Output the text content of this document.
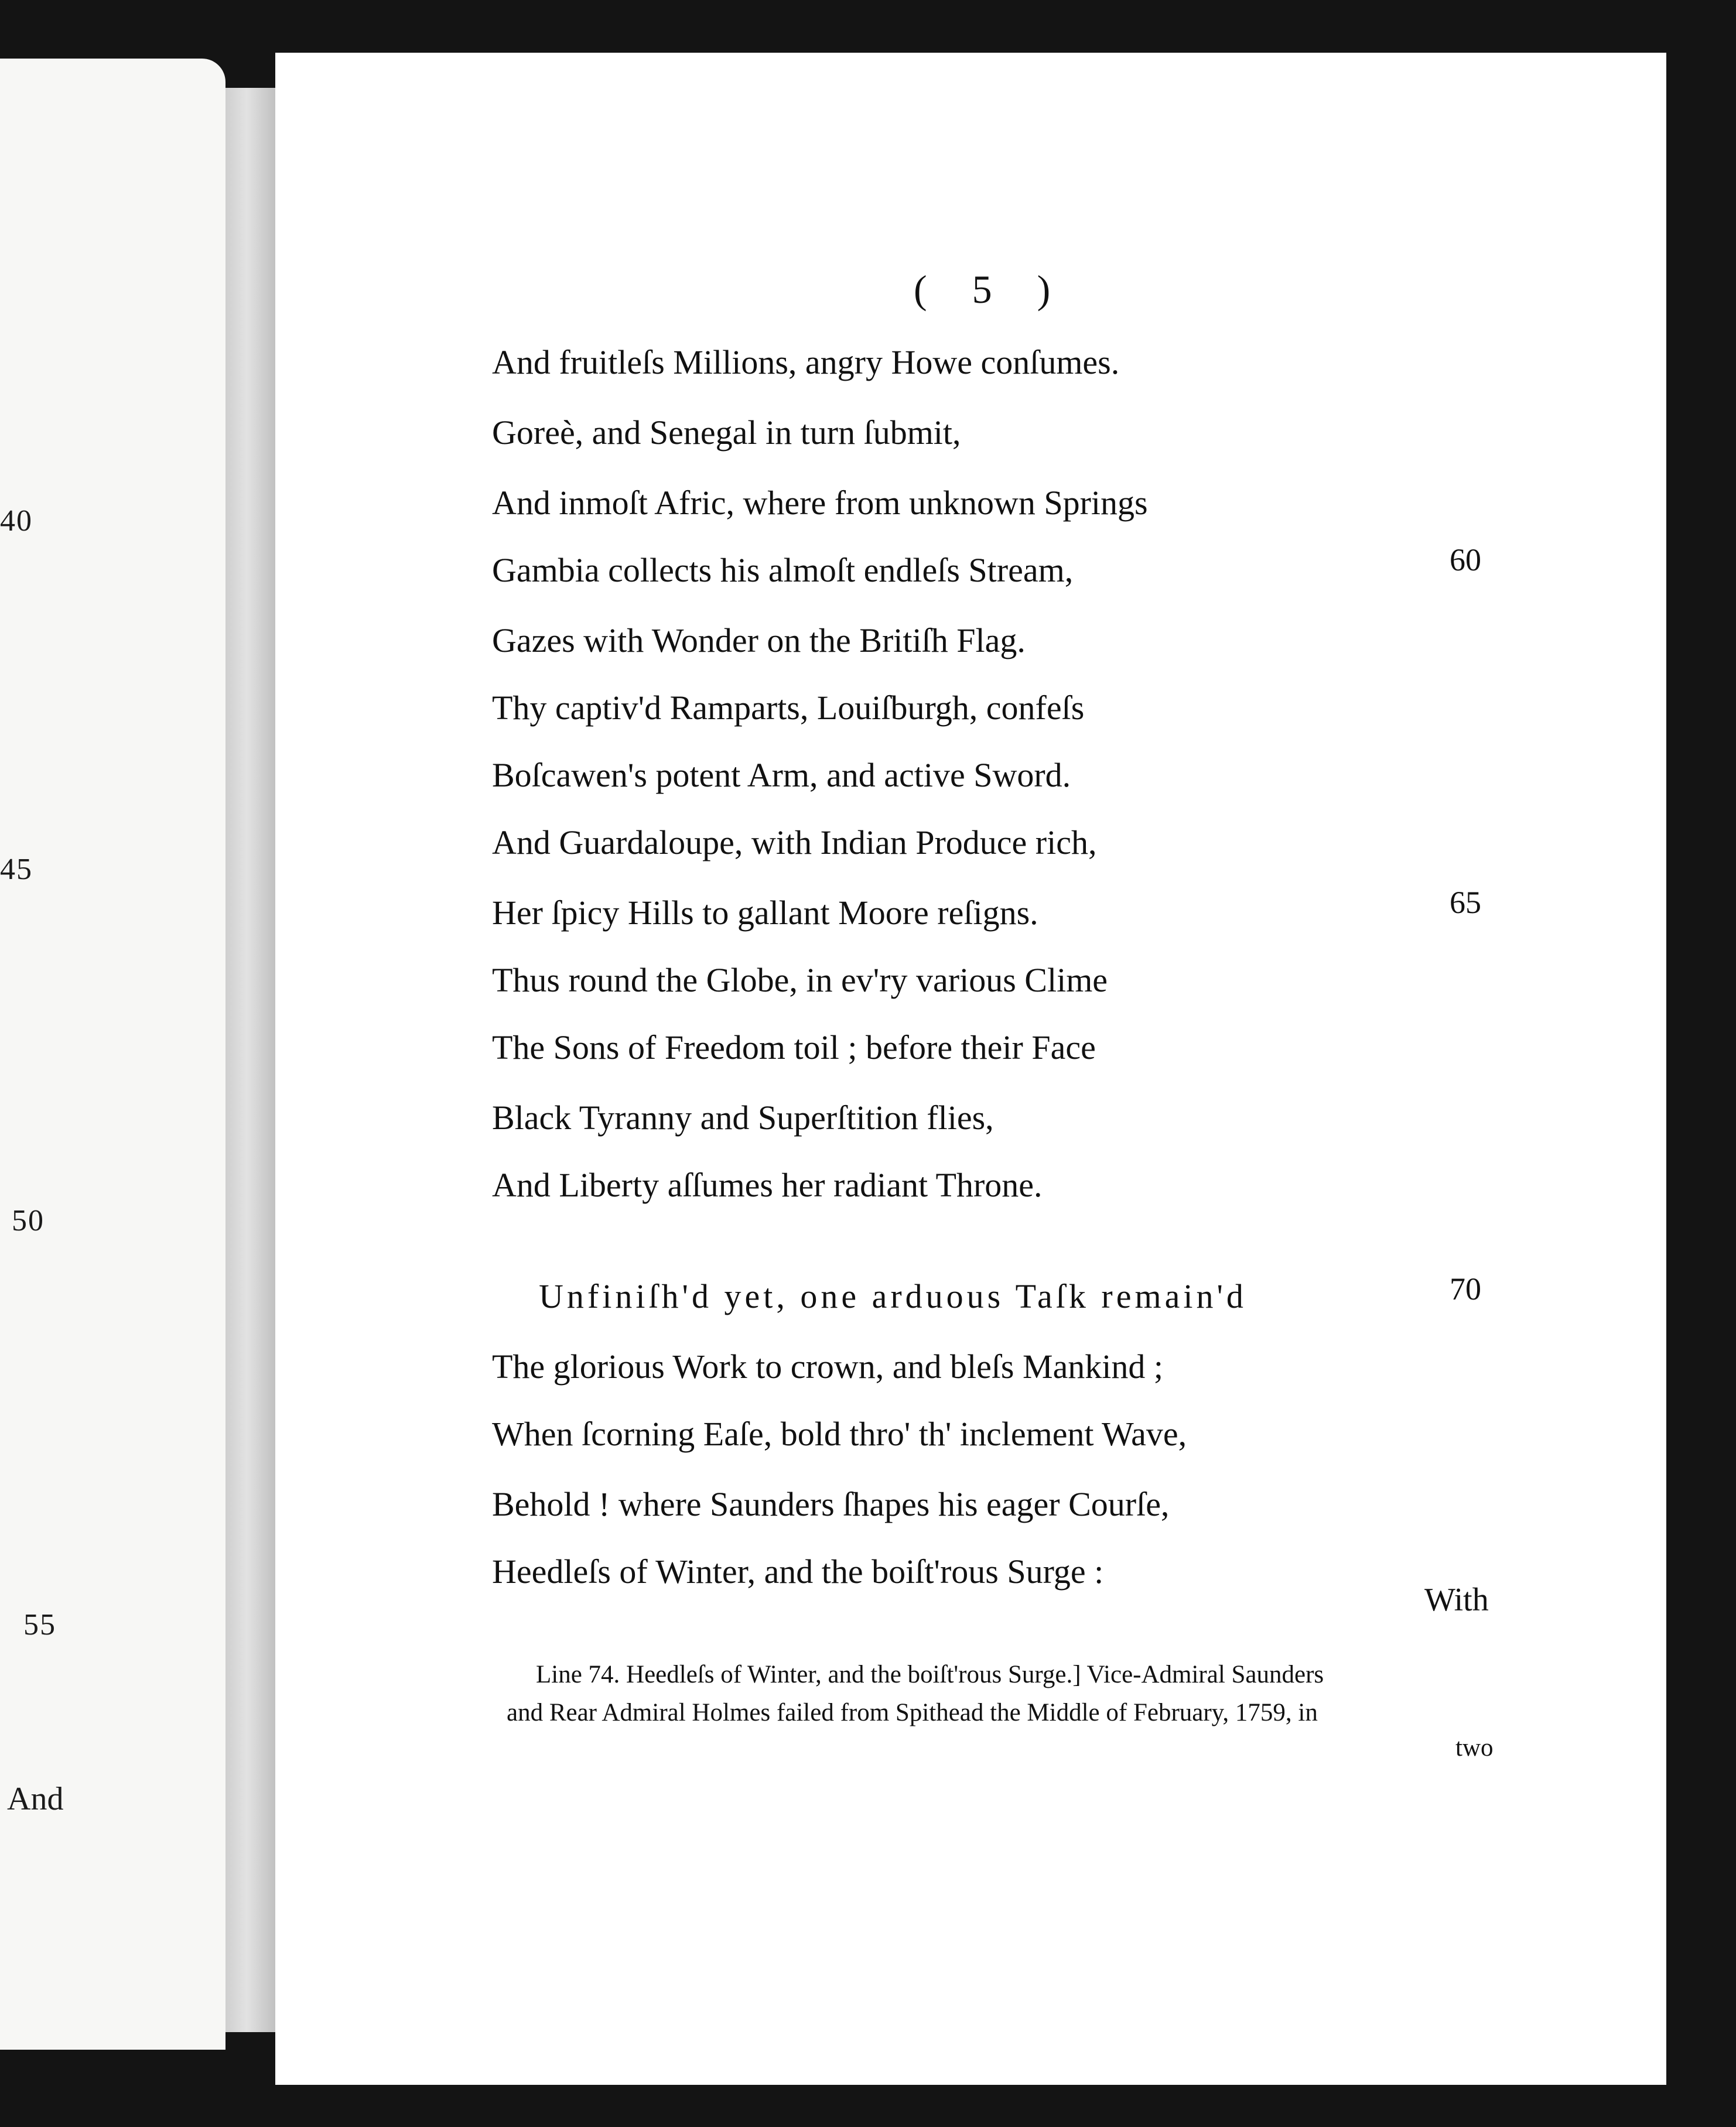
40
45
50
55
And
( 5 )
And fruitleſs Millions, angry Howe conſumes.
Goreè, and Senegal in turn ſubmit,
And inmoſt Afric, where from unknown Springs
Gambia collects his almoſt endleſs Stream,
Gazes with Wonder on the Britiſh Flag.
Thy captiv'd Ramparts, Louiſburgh, confeſs
Boſcawen's potent Arm, and active Sword.
And Guardaloupe, with Indian Produce rich,
Her ſpicy Hills to gallant Moore reſigns.
Thus round the Globe, in ev'ry various Clime
The Sons of Freedom toil ; before their Face
Black Tyranny and Superſtition flies,
And Liberty aſſumes her radiant Throne.
Unfiniſh'd yet, one arduous Taſk remain'd
The glorious Work to crown, and bleſs Mankind ;
When ſcorning Eaſe, bold thro' th' inclement Wave,
Behold ! where Saunders ſhapes his eager Courſe,
Heedleſs of Winter, and the boiſt'rous Surge :
60
65
70
With
Line 74. Heedleſs of Winter, and the boiſt'rous Surge.] Vice-Admiral Saunders
and Rear Admiral Holmes failed from Spithead the Middle of February, 1759, in
two
